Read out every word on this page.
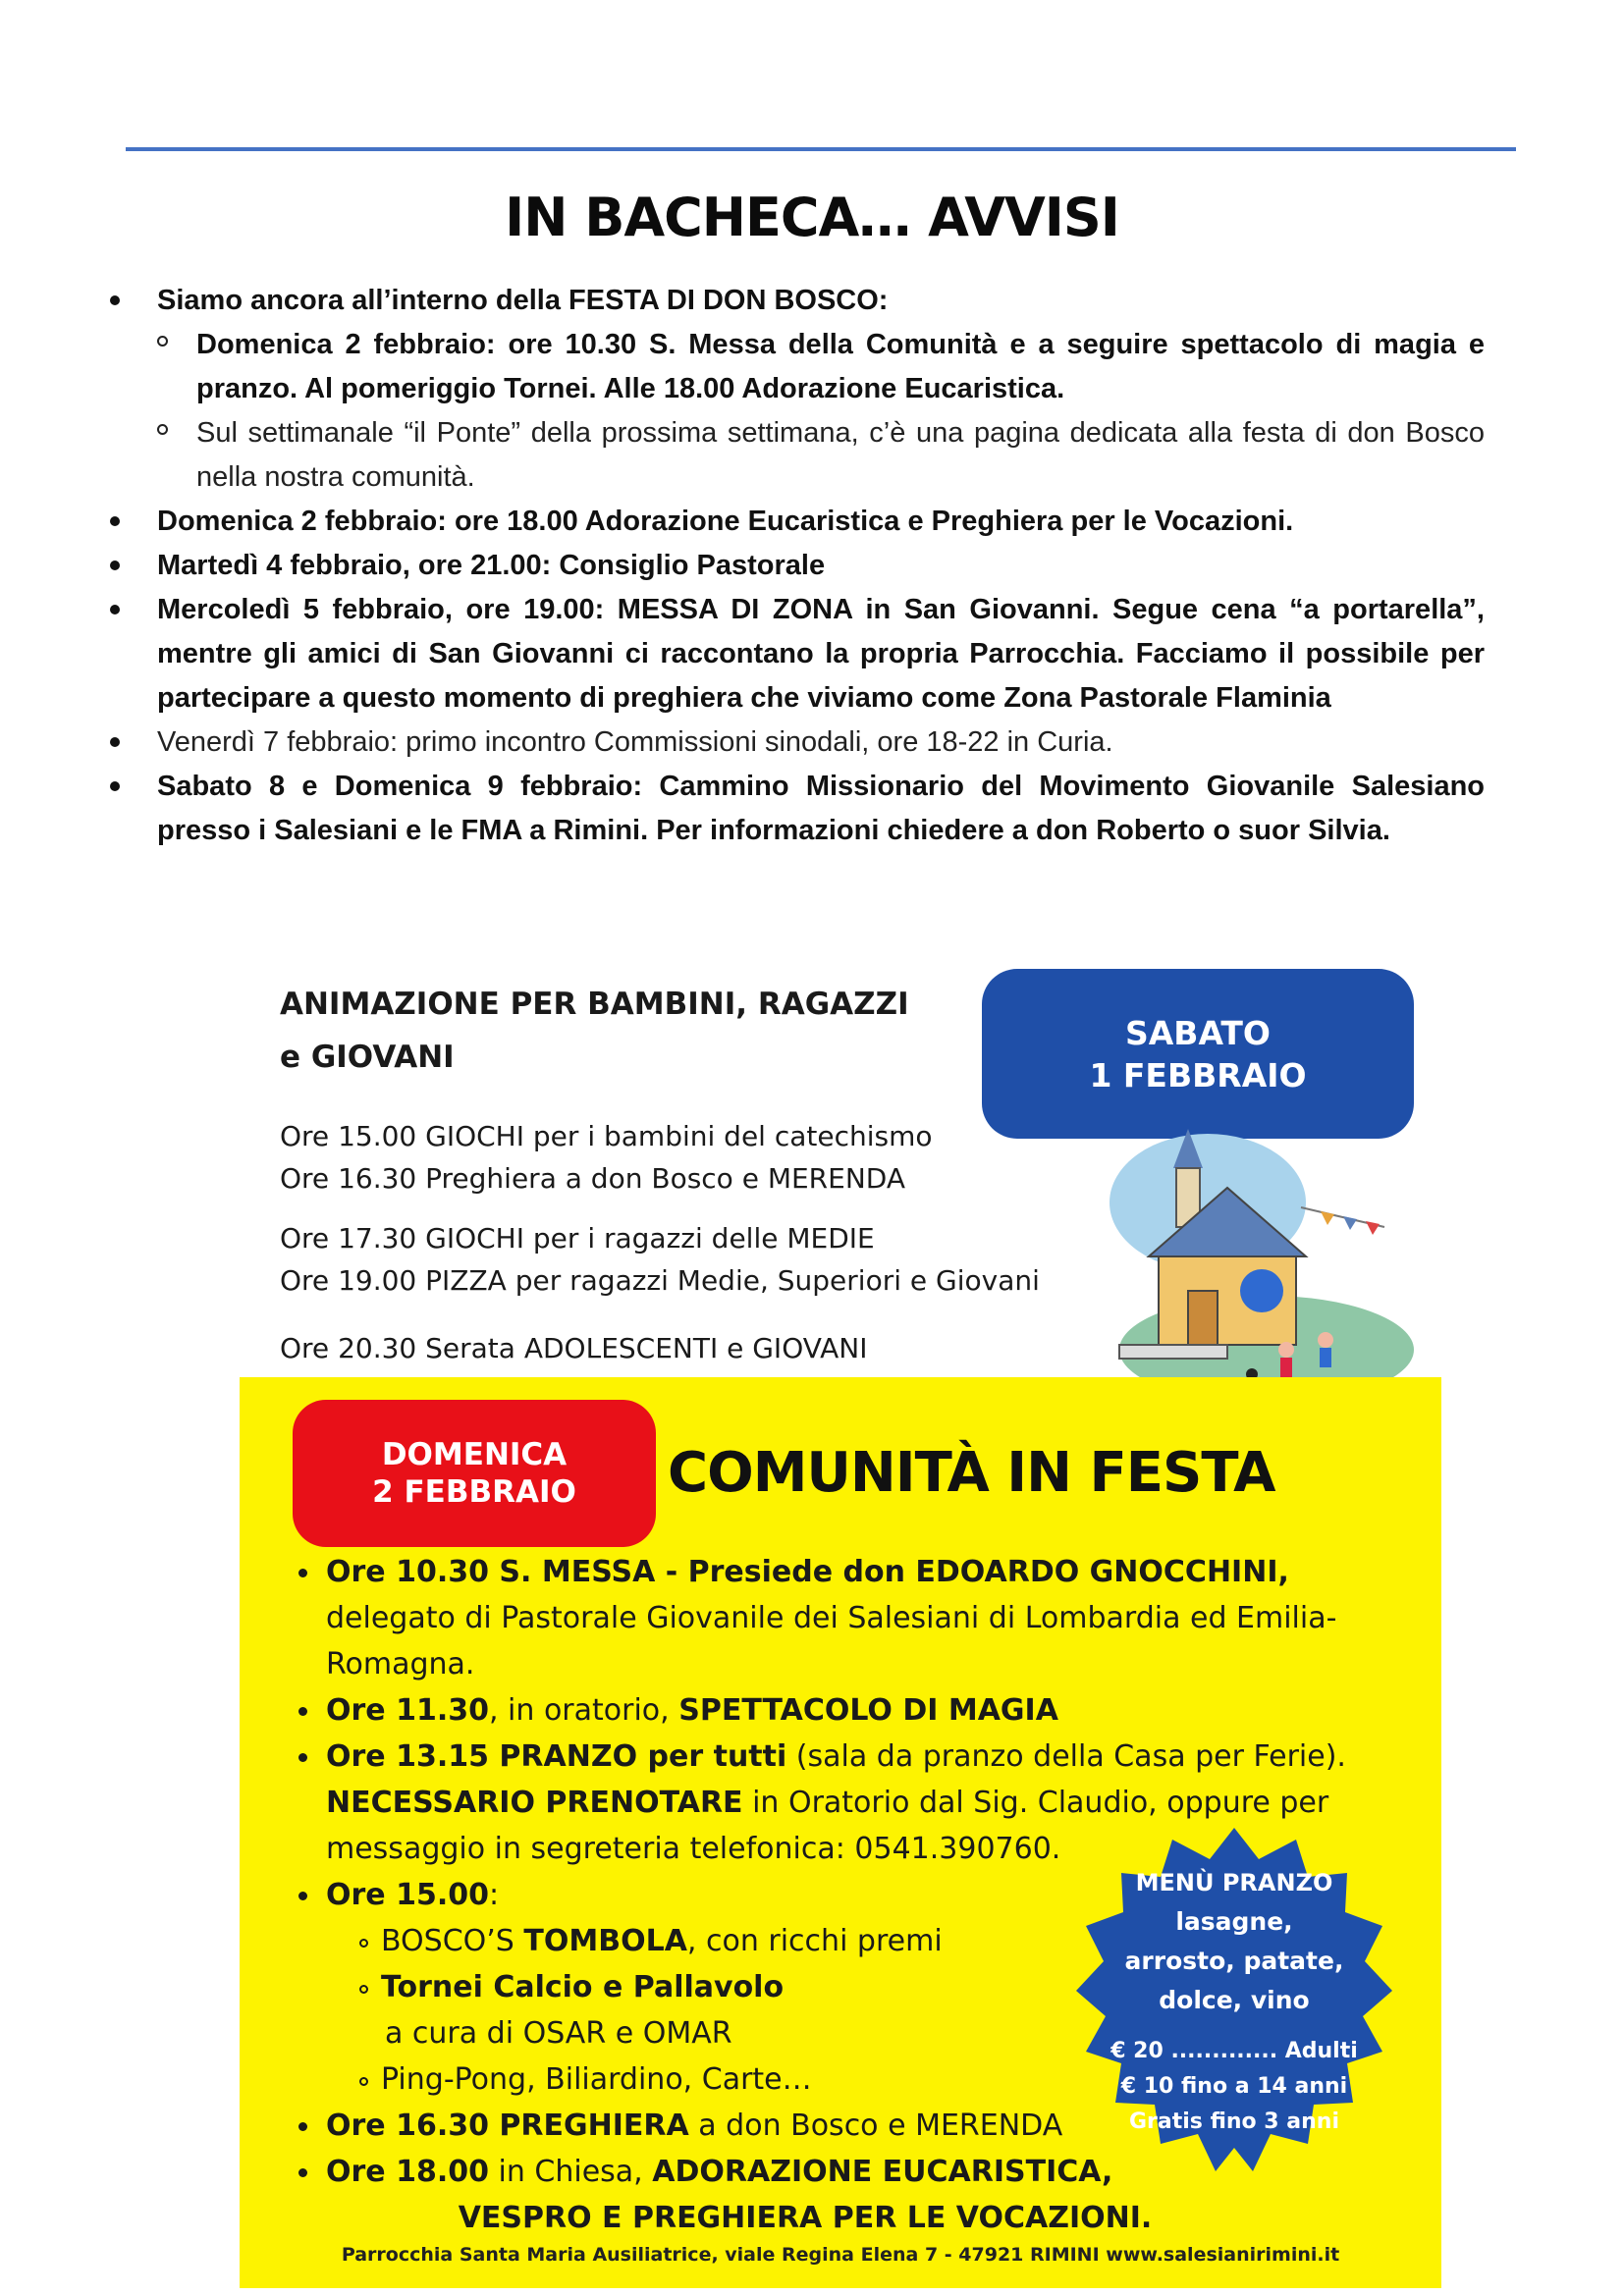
IN BACHECA… AVVISI
Siamo ancora all’interno della FESTA DI DON BOSCO:
Domenica 2 febbraio: ore 10.30 S. Messa della Comunità e a seguire spettacolo di magia e pranzo. Al pomeriggio Tornei. Alle 18.00 Adorazione Eucaristica.
Sul settimanale “il Ponte” della prossima settimana, c’è una pagina dedicata alla festa di don Bosco nella nostra comunità.
Domenica 2 febbraio: ore 18.00 Adorazione Eucaristica e Preghiera per le Vocazioni.
Martedì 4 febbraio, ore 21.00: Consiglio Pastorale
Mercoledì 5 febbraio, ore 19.00: MESSA DI ZONA in San Giovanni. Segue cena “a portarella”, mentre gli amici di San Giovanni ci raccontano la propria Parrocchia. Facciamo il possibile per partecipare a questo momento di preghiera che viviamo come Zona Pastorale Flaminia
Venerdì 7 febbraio: primo incontro Commissioni sinodali, ore 18-22 in Curia.
Sabato 8 e Domenica 9 febbraio: Cammino Missionario del Movimento Giovanile Salesiano presso i Salesiani e le FMA a Rimini. Per informazioni chiedere a don Roberto o suor Silvia.
ANIMAZIONE PER BAMBINI, RAGAZZI
e GIOVANI
SABATO
1 FEBBRAIO
Ore 15.00 GIOCHI per i bambini del catechismo
Ore 16.30 Preghiera a don Bosco e MERENDA
Ore 17.30 GIOCHI per i ragazzi delle MEDIE
Ore 19.00 PIZZA per ragazzi Medie, Superiori e Giovani
Ore 20.30 Serata ADOLESCENTI e GIOVANI
DOMENICA
2 FEBBRAIO	COMUNITÀ IN FESTA
Ore 10.30 S. MESSA - Presiede don EDOARDO GNOCCHINI,
delegato di Pastorale Giovanile dei Salesiani di Lombardia ed Emilia-
Romagna.
Ore 11.30, in oratorio, SPETTACOLO DI MAGIA
Ore 13.15 PRANZO per tutti (sala da pranzo della Casa per Ferie).
NECESSARIO PRENOTARE in Oratorio dal Sig. Claudio, oppure per
messaggio in segreteria telefonica: 0541.390760.
Ore 15.00:
BOSCO’S TOMBOLA, con ricchi premi
Tornei Calcio e Pallavolo
a cura di OSAR e OMAR
Ping-Pong, Biliardino, Carte…
Ore 16.30 PREGHIERA a don Bosco e MERENDA
Ore 18.00 in Chiesa, ADORAZIONE EUCARISTICA,
VESPRO E PREGHIERA PER LE VOCAZIONI.
MENÙ PRANZO
lasagne,
arrosto, patate,
dolce, vino
€ 20 ............. Adulti
€ 10 fino a 14 anni
Gratis fino 3 anni
Parrocchia Santa Maria Ausiliatrice, viale Regina Elena 7 - 47921 RIMINI www.salesianirimini.it
